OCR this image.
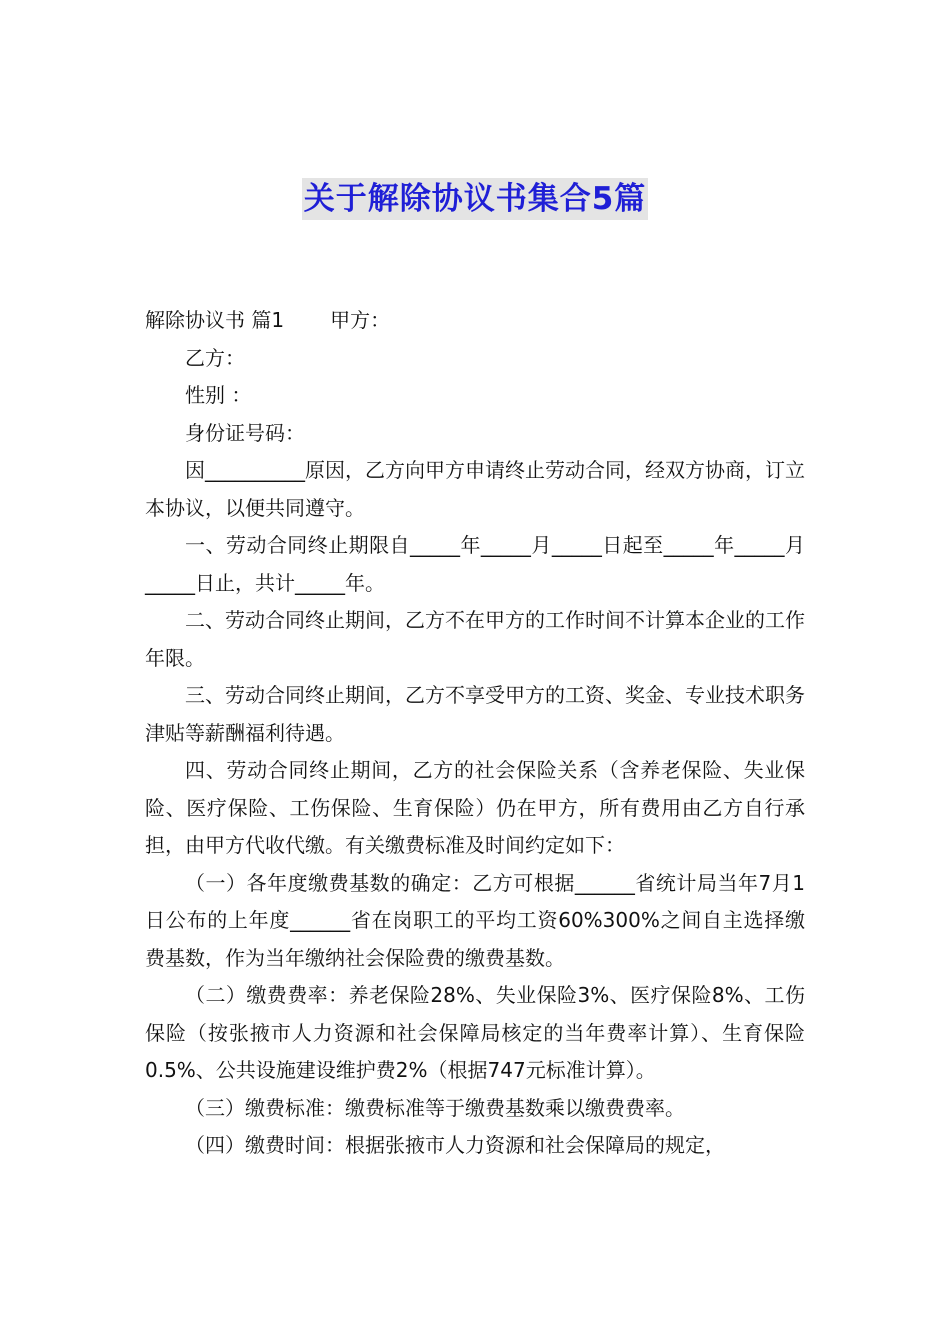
关于解除协议书集合5篇

解除协议书 篇1 甲方：

乙方：

性别 ：

身份证号码：

因__________原因，乙方向甲方申请终止劳动合同，经双方协商，订立本协议，以便共同遵守。

一、劳动合同终止期限自_____年_____月_____日起至_____年_____月_____日止，共计_____年。

二、劳动合同终止期间，乙方不在甲方的工作时间不计算本企业的工作年限。

三、劳动合同终止期间，乙方不享受甲方的工资、奖金、专业技术职务津贴等薪酬福利待遇。

四、劳动合同终止期间，乙方的社会保险关系（含养老保险、失业保险、医疗保险、工伤保险、生育保险）仍在甲方，所有费用由乙方自行承担，由甲方代收代缴。有关缴费标准及时间约定如下：

（一）各年度缴费基数的确定：乙方可根据______省统计局当年7月1日公布的上年度______省在岗职工的平均工资60%300%之间自主选择缴费基数，作为当年缴纳社会保险费的缴费基数。

（二）缴费费率：养老保险28%、失业保险3%、医疗保险8%、工伤保险（按张掖市人力资源和社会保障局核定的当年费率计算）、生育保险0.5%、公共设施建设维护费2%（根据747元标准计算）。

（三）缴费标准：缴费标准等于缴费基数乘以缴费费率。

（四）缴费时间：根据张掖市人力资源和社会保障局的规定，
